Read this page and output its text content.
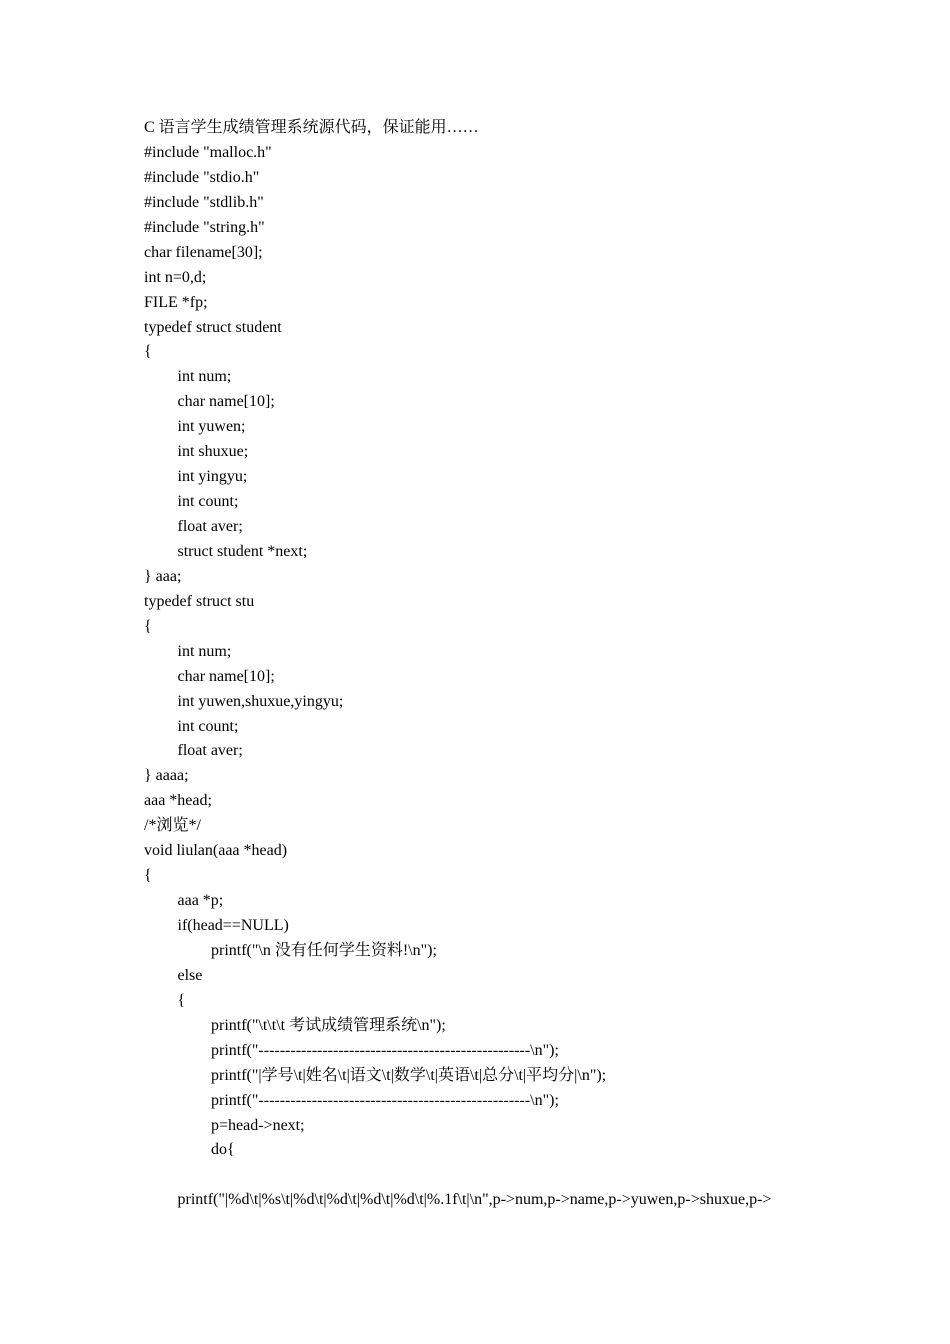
C 语言学生成绩管理系统源代码，保证能用……
#include "malloc.h"
#include "stdio.h"
#include "stdlib.h"
#include "string.h"
char filename[30];
int n=0,d;
FILE *fp;
typedef struct student
{
int num;
char name[10];
int yuwen;
int shuxue;
int yingyu;
int count;
float aver;
struct student *next;
} aaa;
typedef struct stu
{
int num;
char name[10];
int yuwen,shuxue,yingyu;
int count;
float aver;
} aaaa;
aaa *head;
/*浏览*/
void liulan(aaa *head)
{
aaa *p;
if(head==NULL)
printf("\n 没有任何学生资料!\n");
else
{
printf("\t\t\t 考试成绩管理系统\n");
printf("---------------------------------------------------\n");
printf("|学号\t|姓名\t|语文\t|数学\t|英语\t|总分\t|平均分|\n");
printf("---------------------------------------------------\n");
p=head->next;
do{
printf("|%d\t|%s\t|%d\t|%d\t|%d\t|%d\t|%.1f\t|\n",p->num,p->name,p->yuwen,p->shuxue,p->
